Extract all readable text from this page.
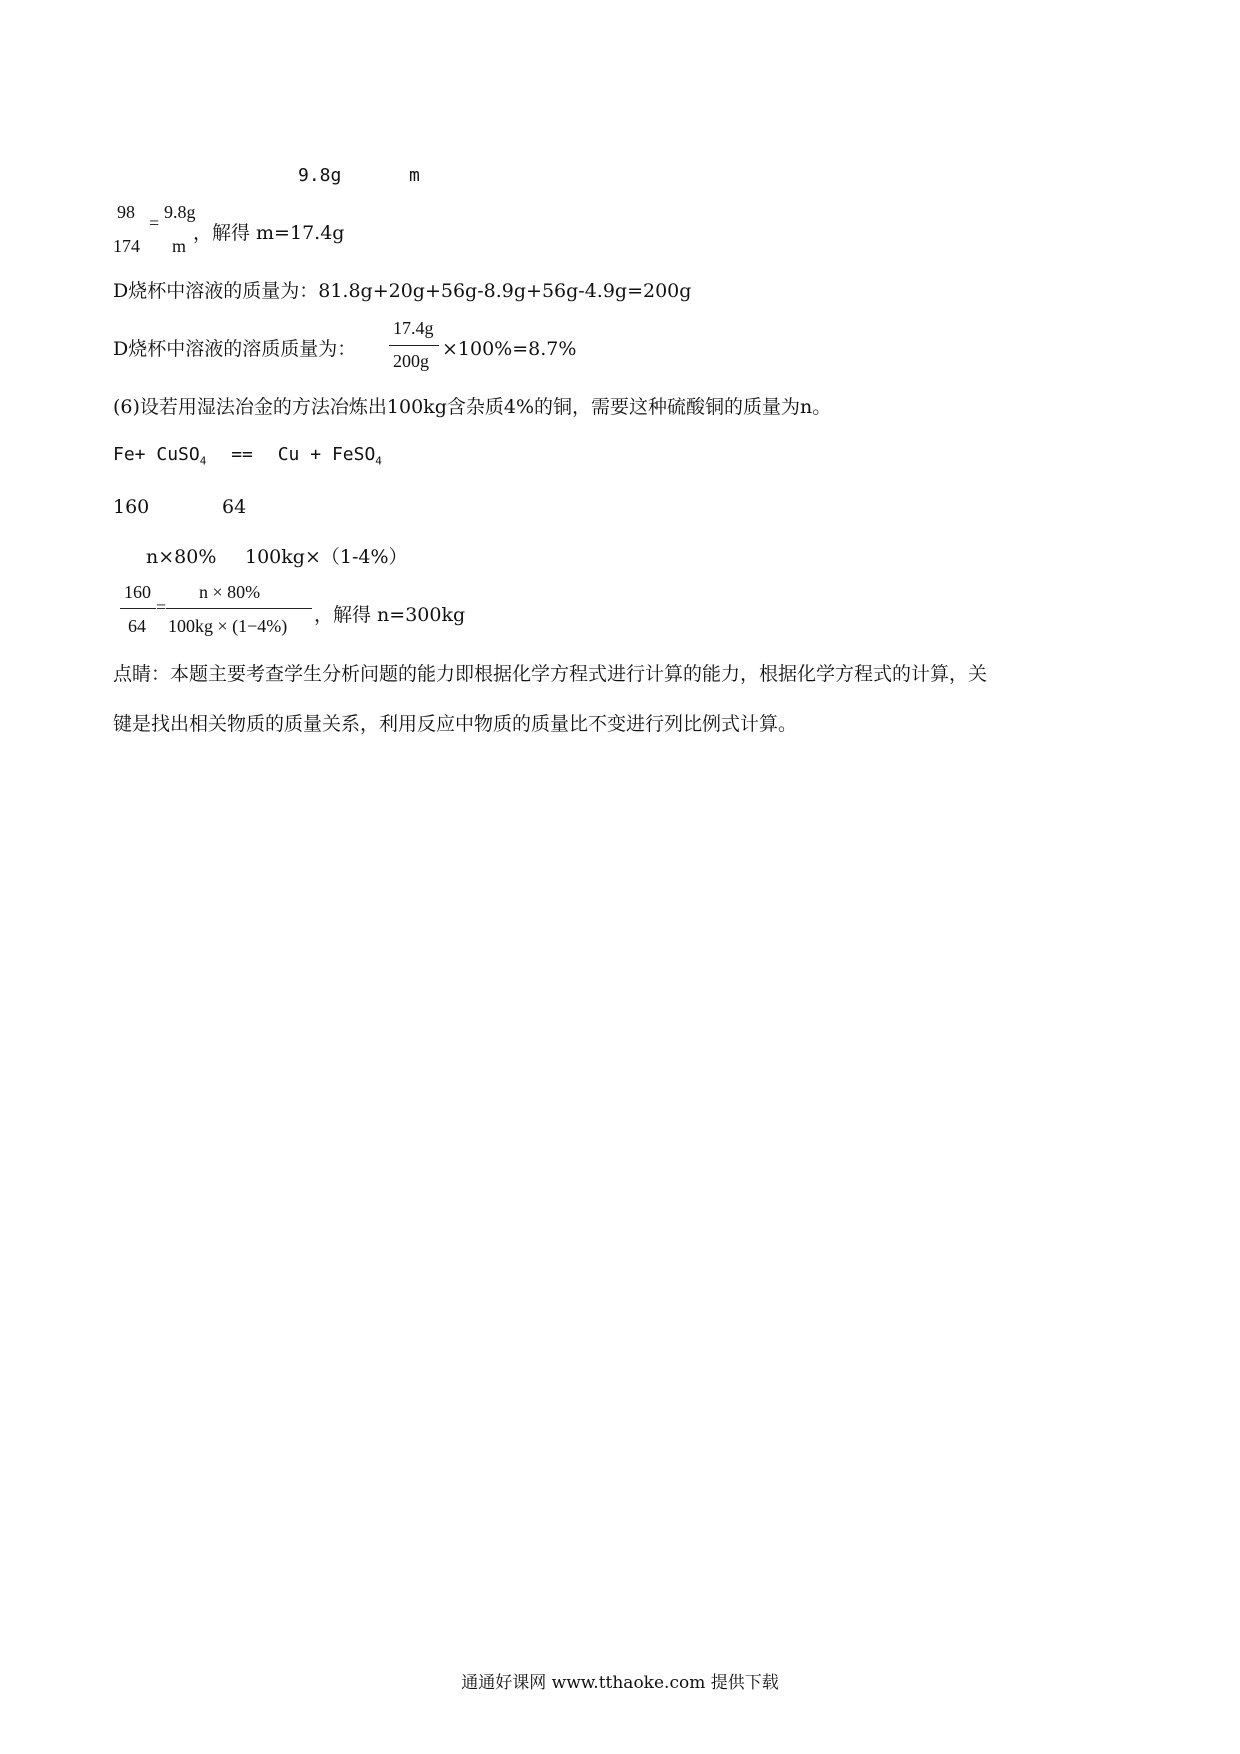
9.8g	m
98
174
=
9.8g
m
，解得 m=17.4g
D烧杯中溶液的质量为：81.8g+20g+56g-8.9g+56g-4.9g=200g
D烧杯中溶液的溶质质量为：
17.4g
200g
×100%=8.7%
(6)设若用湿法冶金的方法冶炼出100kg含杂质4%的铜，需要这种硫酸铜的质量为n。
Fe+ CuSO$_4$ == Cu + FeSO$_4$
160	64
n×80% 100kg×（1-4%）
160
64
=
n × 80%
100kg × (1−4%) ，解得 n=300kg
点睛：本题主要考查学生分析问题的能力即根据化学方程式进行计算的能力，根据化学方程式的计算，关
键是找出相关物质的质量关系，利用反应中物质的质量比不变进行列比例式计算。
通通好课网 www.tthaoke.com 提供下载
